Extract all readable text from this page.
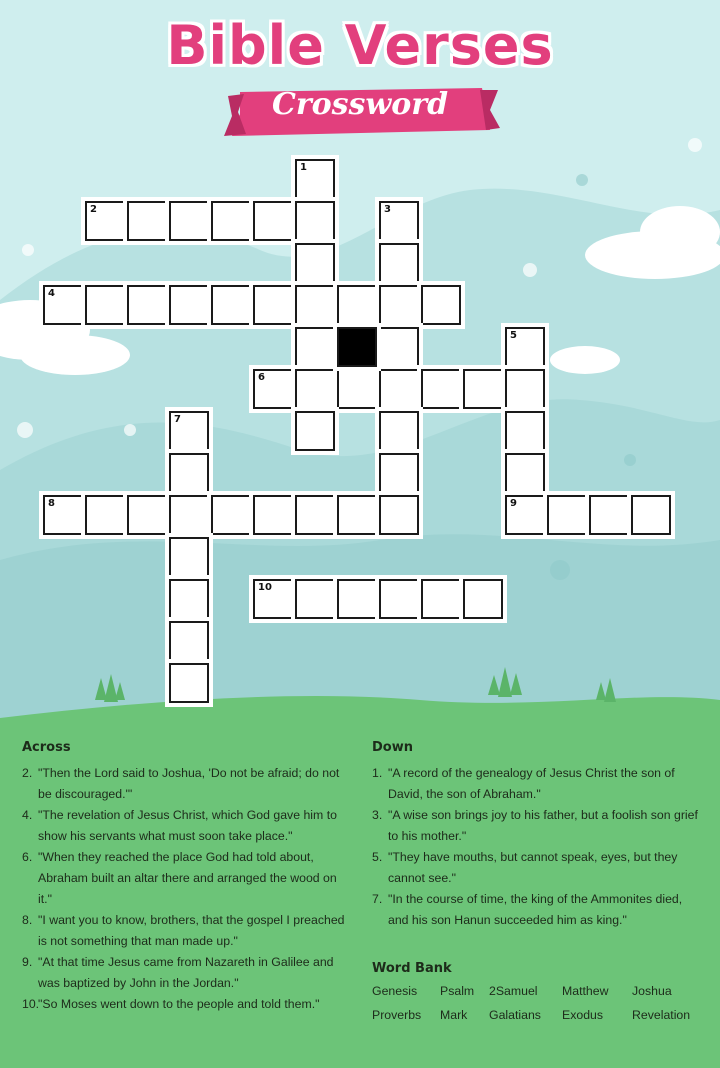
Bible Verses
Crossword
1
2	3
4
5
6
7
8	9
10
Across
2. "Then the Lord said to Joshua, 'Do not be afraid; do not be discouraged.'"
4. "The revelation of Jesus Christ, which God gave him to show his servants what must soon take place."
6. "When they reached the place God had told about, Abraham built an altar there and arranged the wood on it."
8. "I want you to know, brothers, that the gospel I preached is not something that man made up."
9. "At that time Jesus came from Nazareth in Galilee and was baptized by John in the Jordan."
10.
"So Moses went down to the people and told them."
Down
1. "A record of the genealogy of Jesus Christ the son of David, the son of Abraham."
3. "A wise son brings joy to his father, but a foolish son grief to his mother."
5. "They have mouths, but cannot speak, eyes, but they cannot see."
7. "In the course of time, the king of the Ammonites died, and his son Hanun succeeded him as king."
Word Bank
Genesis Psalm 2Samuel Matthew Joshua
Proverbs Mark Galatians Exodus Revelation
